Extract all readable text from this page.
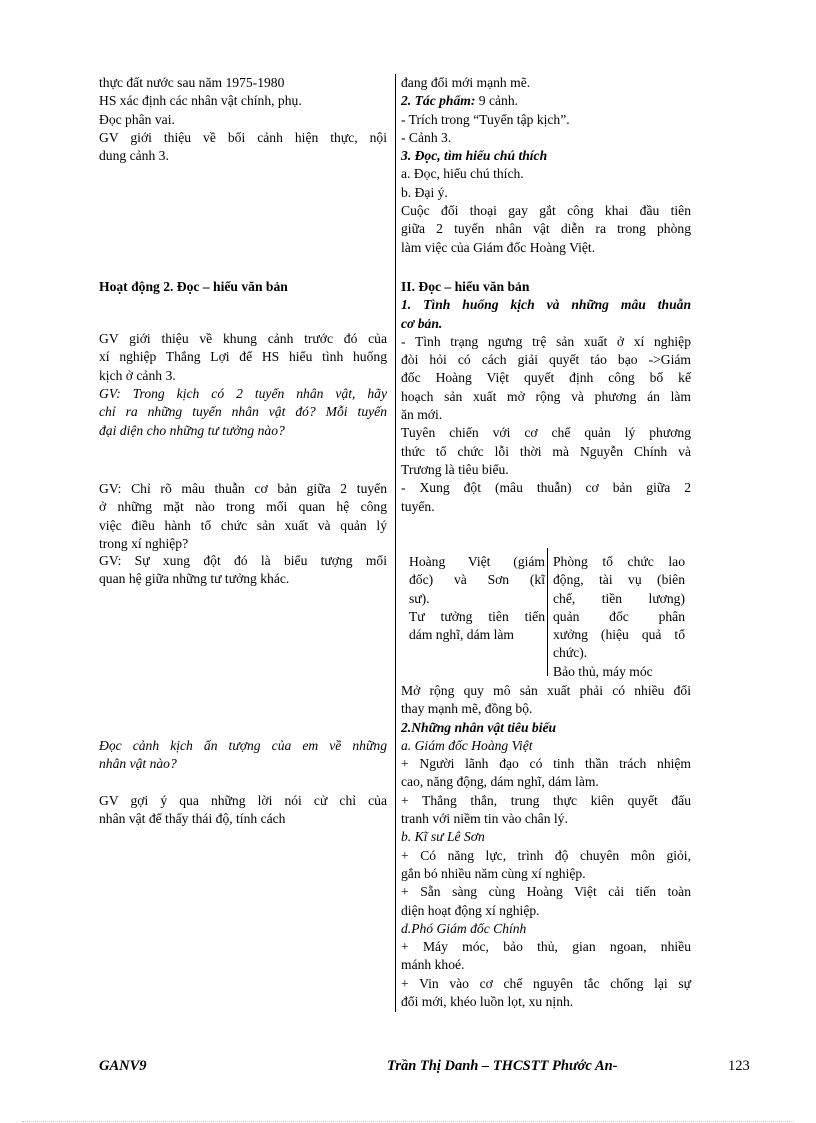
thực đất nước sau năm 1975-1980
HS xác định các nhân vật chính, phụ.
Đọc phân vai.
GV giới thiệu về bối cảnh hiện thực, nội
dung cảnh 3.
Hoạt động 2. Đọc – hiểu văn bản
GV giới thiệu về khung cảnh trước đó của
xí nghiệp Thắng Lợi để HS hiểu tình huống
kịch ở cảnh 3.
GV: Trong kịch có 2 tuyến nhân vật, hãy
chỉ ra những tuyến nhân vật đó? Mỗi tuyến
đại diện cho những tư tưởng nào?
GV: Chỉ rõ mâu thuẫn cơ bản giữa 2 tuyến
ở những mặt nào trong mối quan hệ công
việc điều hành tổ chức sản xuất và quản lý
trong xí nghiệp?
GV: Sự xung đột đó là biểu tượng mối
quan hệ giữa những tư tưởng khác.
Đọc cảnh kịch ấn tượng của em về những
nhân vật nào?
GV gợi ý qua những lời nói cử chỉ của
nhân vật để thấy thái độ, tính cách
đang đổi mới mạnh mẽ.
2. Tác phẩm: 9 cảnh.
- Trích trong “Tuyển tập kịch”.
- Cảnh 3.
3. Đọc, tìm hiểu chú thích
a. Đọc, hiểu chú thích.
b. Đại ý.
Cuộc đối thoại gay gắt công khai đầu tiên
giữa 2 tuyến nhân vật diễn ra trong phòng
làm việc của Giám đốc Hoàng Việt.
II. Đọc – hiểu văn bản
1. Tình huống kịch và những mâu thuẫn
cơ bản.
- Tình trạng ngưng trệ sản xuất ở xí nghiệp
đòi hỏi có cách giải quyết táo bạo ->Giám
đốc Hoàng Việt quyết định công bố kế
hoạch sản xuất mở rộng và phương án làm
ăn mới.
Tuyên chiến với cơ chế quản lý phương
thức tổ chức lỗi thời mà Nguyễn Chính và
Trương là tiêu biểu.
- Xung đột (mâu thuẫn) cơ bản giữa 2
tuyến.
Hoàng Việt (giám
đốc) và Sơn (kĩ
sư).
Tư tưởng tiên tiến
dám nghĩ, dám làm
Phòng tổ chức lao
động, tài vụ (biên
chế, tiền lương)
quản đốc phân
xưởng (hiệu quả tổ
chức).
Bảo thủ, máy móc
Mở rộng quy mô sản xuất phải có nhiều đổi
thay mạnh mẽ, đồng bộ.
2.Những nhân vật tiêu biểu
a. Giám đốc Hoàng Việt
+ Người lãnh đạo có tinh thần trách nhiệm
cao, năng động, dám nghĩ, dám làm.
+ Thẳng thắn, trung thực kiên quyết đấu
tranh với niềm tin vào chân lý.
b. Kĩ sư Lê Sơn
+ Có năng lực, trình độ chuyên môn giỏi,
gắn bó nhiều năm cùng xí nghiệp.
+ Sẵn sàng cùng Hoàng Việt cải tiến toàn
diện hoạt động xí nghiệp.
d.Phó Giám đốc Chính
+ Máy móc, bảo thủ, gian ngoan, nhiều
mánh khoé.
+ Vin vào cơ chế nguyên tắc chống lại sự
đổi mới, khéo luồn lọt, xu nịnh.
GANV9	Trần Thị Danh – THCSTT Phước An-	123
